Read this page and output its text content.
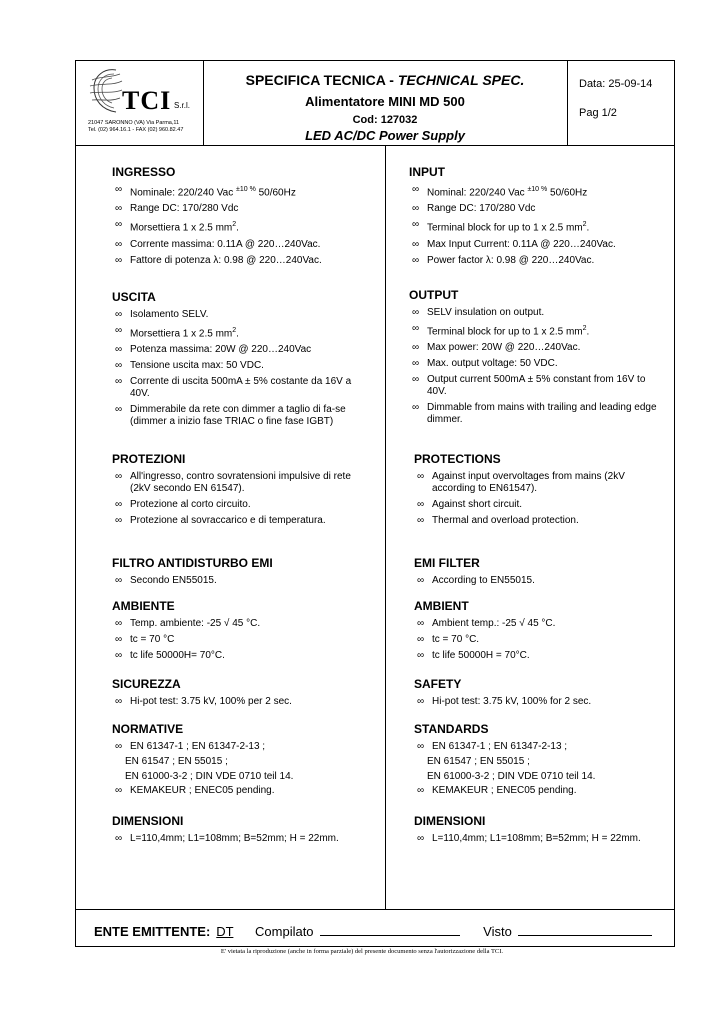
TCI S.r.l.
21047 SARONNO (VA) Via Parma,11
Tel. (02) 964.16.1 - FAX (02) 960.82.47
SPECIFICA TECNICA - TECHNICAL SPEC.
Alimentatore MINI MD 500
Cod: 127032
LED AC/DC Power Supply
Data: 25-09-14
Pag 1/2
INGRESSO
∞ Nominale: 220/240 Vac $^{\pm 10 \%}$ 50/60Hz
∞ Range DC: 170/280 Vdc
∞ Morsettiera 1 x 2.5 $mm^2$.
∞ Corrente massima: 0.11A @ 220…240Vac.
∞ Fattore di potenza λ: 0.98 @ 220…240Vac.
USCITA
∞ Isolamento SELV.
∞ Morsettiera 1 x 2.5 $mm^2$.
∞ Potenza massima: 20W @ 220…240Vac
∞ Tensione uscita max: 50 VDC.
∞ Corrente di uscita 500mA ± 5% costante da 16V a 40V.
∞ Dimmerabile da rete con dimmer a taglio di fa-se (dimmer a inizio fase TRIAC o fine fase IGBT)
PROTEZIONI
∞ All'ingresso, contro sovratensioni impulsive di rete (2kV secondo EN 61547).
∞ Protezione al corto circuito.
∞ Protezione al sovraccarico e di temperatura.
FILTRO ANTIDISTURBO EMI
∞ Secondo EN55015.
AMBIENTE
∞ Temp. ambiente: -25 √ 45 °C.
∞ tc = 70 °C
∞ tc life 50000H= 70°C.
SICUREZZA
∞ Hi-pot test: 3.75 kV, 100% per 2 sec.
NORMATIVE
∞ EN 61347-1 ; EN 61347-2-13 ;
EN 61547 ; EN 55015 ;
EN 61000-3-2 ; DIN VDE 0710 teil 14.
∞ KEMAKEUR ; ENEC05 pending.
DIMENSIONI
∞ L=110,4mm; L1=108mm; B=52mm; H = 22mm.
INPUT
∞ Nominal: 220/240 Vac $^{\pm 10 \%}$ 50/60Hz
∞ Range DC: 170/280 Vdc
∞ Terminal block for up to 1 x 2.5 $mm^2$.
∞ Max Input Current: 0.11A @ 220…240Vac.
∞ Power factor λ: 0.98 @ 220…240Vac.
OUTPUT
∞ SELV insulation on output.
∞ Terminal block for up to 1 x 2.5 $mm^2$.
∞ Max power: 20W @ 220…240Vac.
∞ Max. output voltage: 50 VDC.
∞ Output current 500mA ± 5% constant from 16V to 40V.
∞ Dimmable from mains with trailing and leading edge dimmer.
PROTECTIONS
∞ Against input overvoltages from mains (2kV according to EN61547).
∞ Against short circuit.
∞ Thermal and overload protection.
EMI FILTER
∞ According to EN55015.
AMBIENT
∞ Ambient temp.: -25 √ 45 °C.
∞ tc = 70 °C.
∞ tc life 50000H = 70°C.
SAFETY
∞ Hi-pot test: 3.75 kV, 100% for 2 sec.
STANDARDS
∞ EN 61347-1 ; EN 61347-2-13 ;
EN 61547 ; EN 55015 ;
EN 61000-3-2 ; DIN VDE 0710 teil 14.
∞ KEMAKEUR ; ENEC05 pending.
DIMENSIONI
∞ L=110,4mm; L1=108mm; B=52mm; H = 22mm.
ENTE EMITTENTE: DT Compilato	Visto
E' vietata la riproduzione (anche in forma parziale) del presente documento senza l'autorizzazione della TCI.
